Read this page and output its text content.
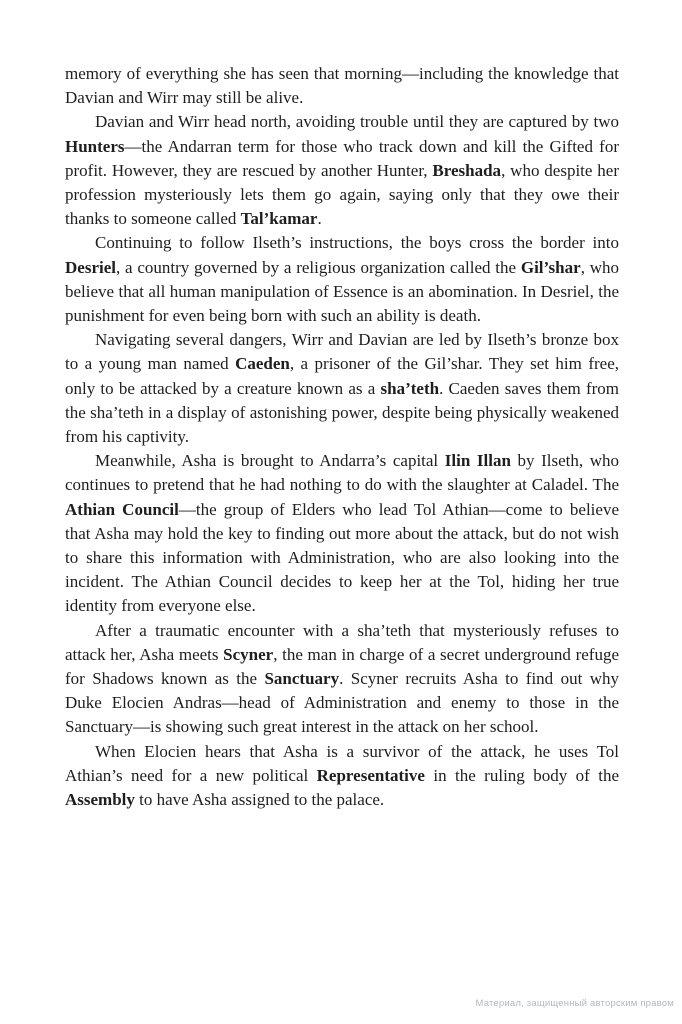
memory of everything she has seen that morning—including the knowledge that Davian and Wirr may still be alive.

Davian and Wirr head north, avoiding trouble until they are captured by two Hunters—the Andarran term for those who track down and kill the Gifted for profit. However, they are rescued by another Hunter, Breshada, who despite her profession mysteriously lets them go again, saying only that they owe their thanks to someone called Tal’kamar.

Continuing to follow Ilseth’s instructions, the boys cross the border into Desriel, a country governed by a religious organization called the Gil’shar, who believe that all human manipulation of Essence is an abomination. In Desriel, the punishment for even being born with such an ability is death.

Navigating several dangers, Wirr and Davian are led by Ilseth’s bronze box to a young man named Caeden, a prisoner of the Gil’shar. They set him free, only to be attacked by a creature known as a sha’teth. Caeden saves them from the sha’teth in a display of astonishing power, despite being physically weakened from his captivity.

Meanwhile, Asha is brought to Andarra’s capital Ilin Illan by Ilseth, who continues to pretend that he had nothing to do with the slaughter at Caladel. The Athian Council—the group of Elders who lead Tol Athian—come to believe that Asha may hold the key to finding out more about the attack, but do not wish to share this information with Administration, who are also looking into the incident. The Athian Council decides to keep her at the Tol, hiding her true identity from everyone else.

After a traumatic encounter with a sha’teth that mysteriously refuses to attack her, Asha meets Scyner, the man in charge of a secret underground refuge for Shadows known as the Sanctuary. Scyner recruits Asha to find out why Duke Elocien Andras—head of Administration and enemy to those in the Sanctuary—is showing such great interest in the attack on her school.

When Elocien hears that Asha is a survivor of the attack, he uses Tol Athian’s need for a new political Representative in the ruling body of the Assembly to have Asha assigned to the palace.

Материал, защищенный авторским правом
